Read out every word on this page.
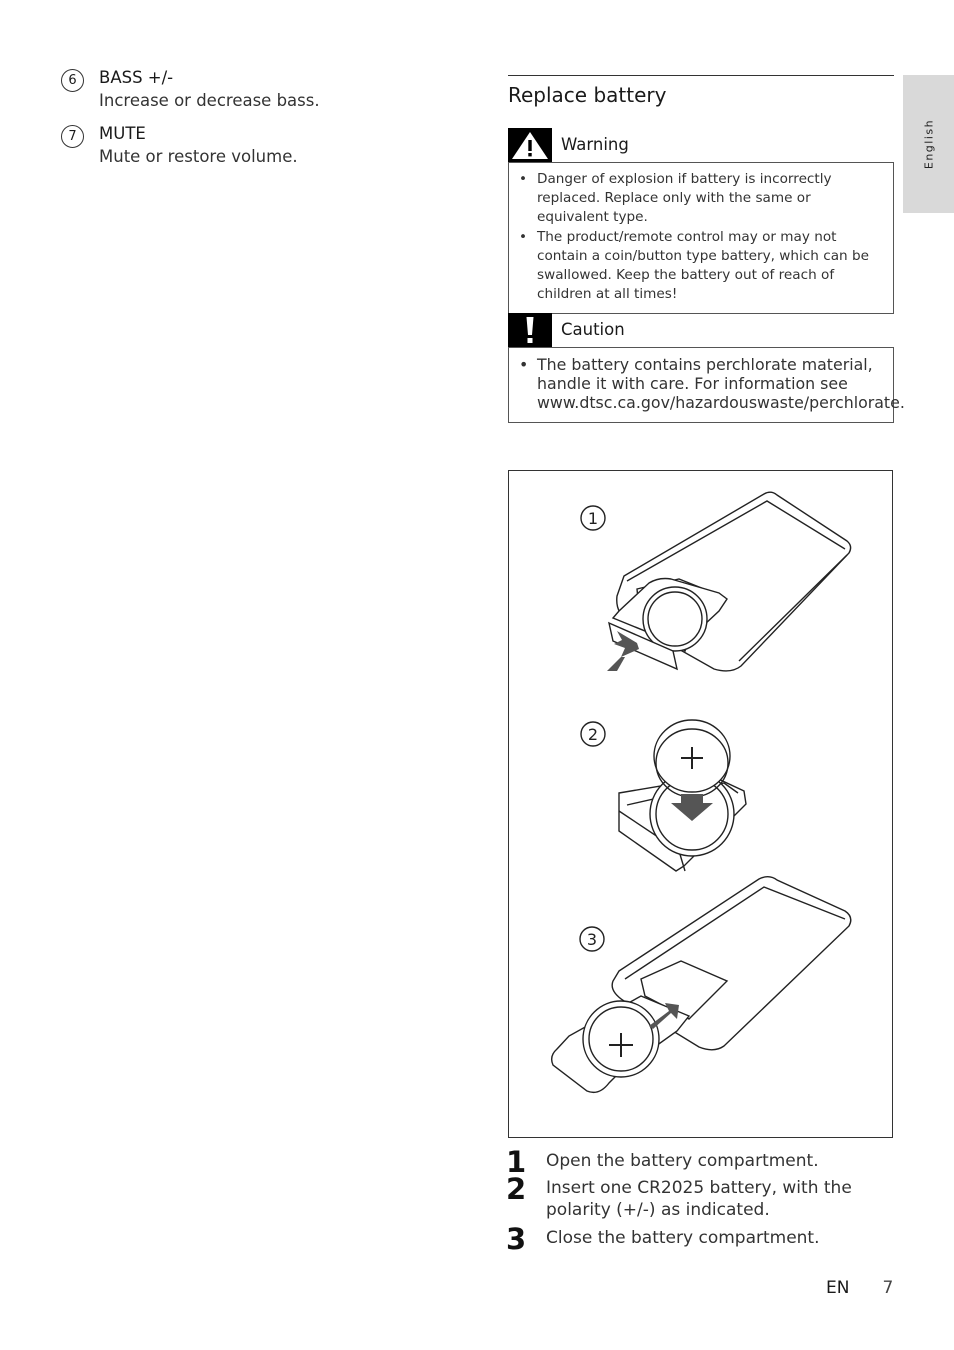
English
6	BASS +/-
Increase or decrease bass.
7	MUTE
Mute or restore volume.
Replace battery
Warning
• Danger of explosion if battery is incorrectly replaced. Replace only with the same or equivalent type.
• The product/remote control may or may not contain a coin/button type battery, which can be swallowed. Keep the battery out of reach of children at all times!
Caution
• The battery contains perchlorate material, handle it with care. For information see www.dtsc.ca.gov/hazardouswaste/perchlorate.
1
2
3
+
1 Open the battery compartment.
2 Insert one CR2025 battery, with the polarity (+/-) as indicated.
3 Close the battery compartment.
EN 7
